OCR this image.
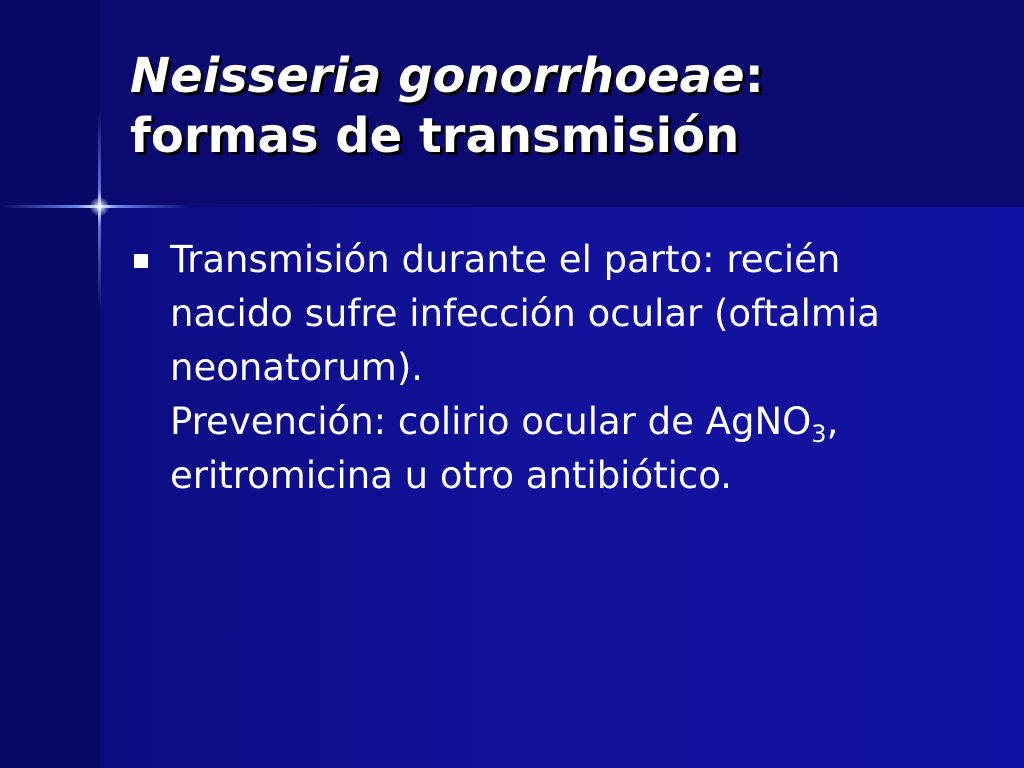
Neisseria gonorrhoeae:
formas de transmisión
Transmisión durante el parto: recién
nacido sufre infección ocular (oftalmia
neonatorum).
Prevención: colirio ocular de AgNO$_3$,
eritromicina u otro antibiótico.
